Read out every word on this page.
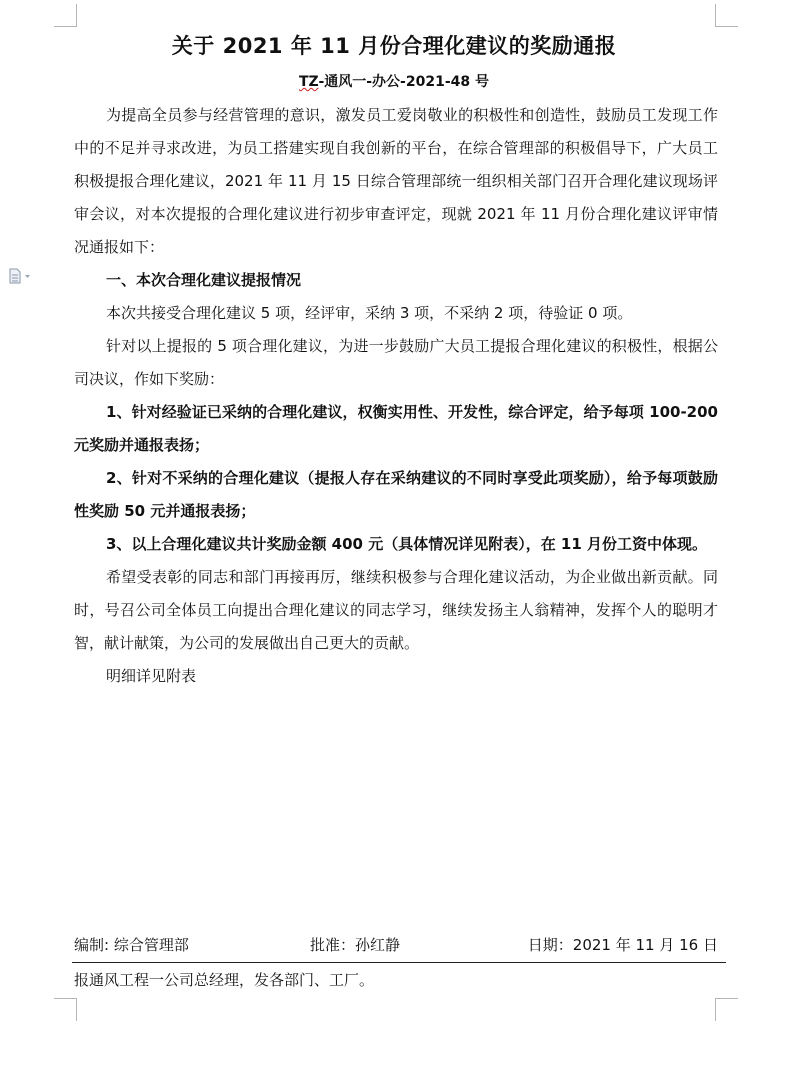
关于 2021 年 11 月份合理化建议的奖励通报
TZ-通风一-办公-2021-48 号

为提高全员参与经营管理的意识，激发员工爱岗敬业的积极性和创造性，鼓励员工发现工作中的不足并寻求改进，为员工搭建实现自我创新的平台，在综合管理部的积极倡导下，广大员工积极提报合理化建议，2021 年 11 月 15 日综合管理部统一组织相关部门召开合理化建议现场评审会议，对本次提报的合理化建议进行初步审查评定，现就 2021 年 11 月份合理化建议评审情况通报如下：

一、本次合理化建议提报情况

本次共接受合理化建议 5 项，经评审，采纳 3 项，不采纳 2 项，待验证 0 项。

针对以上提报的 5 项合理化建议，为进一步鼓励广大员工提报合理化建议的积极性，根据公司决议，作如下奖励：

1、针对经验证已采纳的合理化建议，权衡实用性、开发性，综合评定，给予每项 100-200 元奖励并通报表扬；

2、针对不采纳的合理化建议（提报人存在采纳建议的不同时享受此项奖励），给予每项鼓励性奖励 50 元并通报表扬；

3、以上合理化建议共计奖励金额 400 元（具体情况详见附表），在 11 月份工资中体现。

希望受表彰的同志和部门再接再厉，继续积极参与合理化建议活动，为企业做出新贡献。同时，号召公司全体员工向提出合理化建议的同志学习，继续发扬主人翁精神，发挥个人的聪明才智，献计献策，为公司的发展做出自己更大的贡献。

明细详见附表

编制: 综合管理部	批准：孙红静	日期：2021 年 11 月 16 日
报通风工程一公司总经理，发各部门、工厂。
